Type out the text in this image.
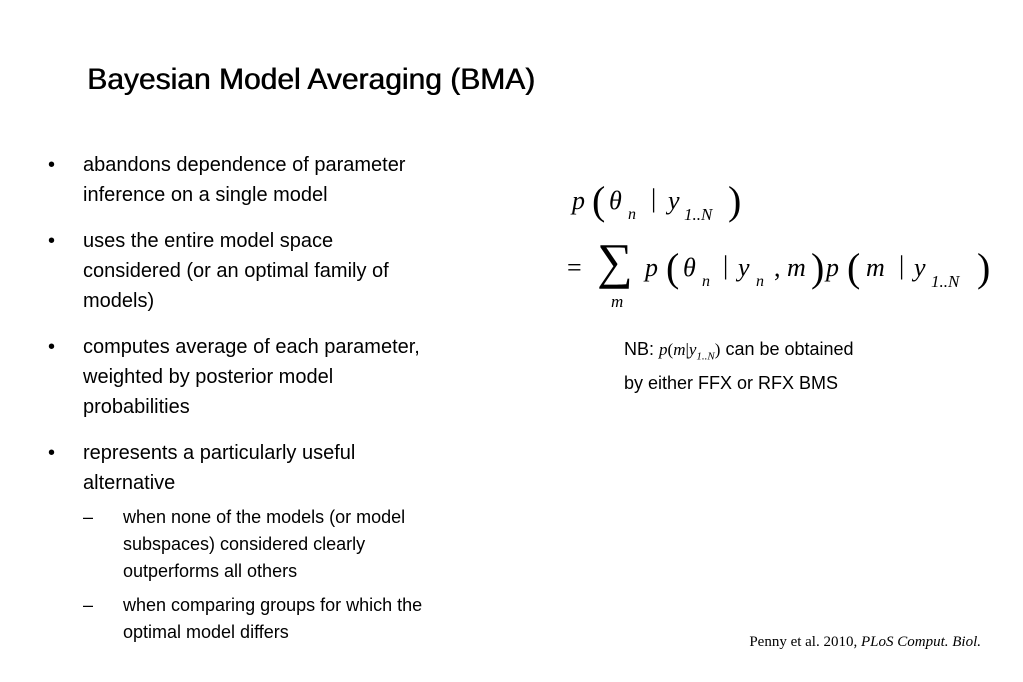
Bayesian Model Averaging (BMA)
•	abandons dependence of parameter
inference on a single model
•	uses the entire model space
considered (or an optimal family of
models)
•	computes average of each parameter,
weighted by posterior model
probabilities
•	represents a particularly useful
alternative
–	when none of the models (or model
subspaces) considered clearly
outperforms all others
–	when comparing groups for which the
optimal model differs
p ( θ n
| y 1..N )
= ∑
m
p ( θ n
| y n , m ) p ( m | y 1..N )
NB: $p(m|y_{1..N})$ can be obtained
by either FFX or RFX BMS
Penny et al. 2010, PLoS Comput. Biol.
